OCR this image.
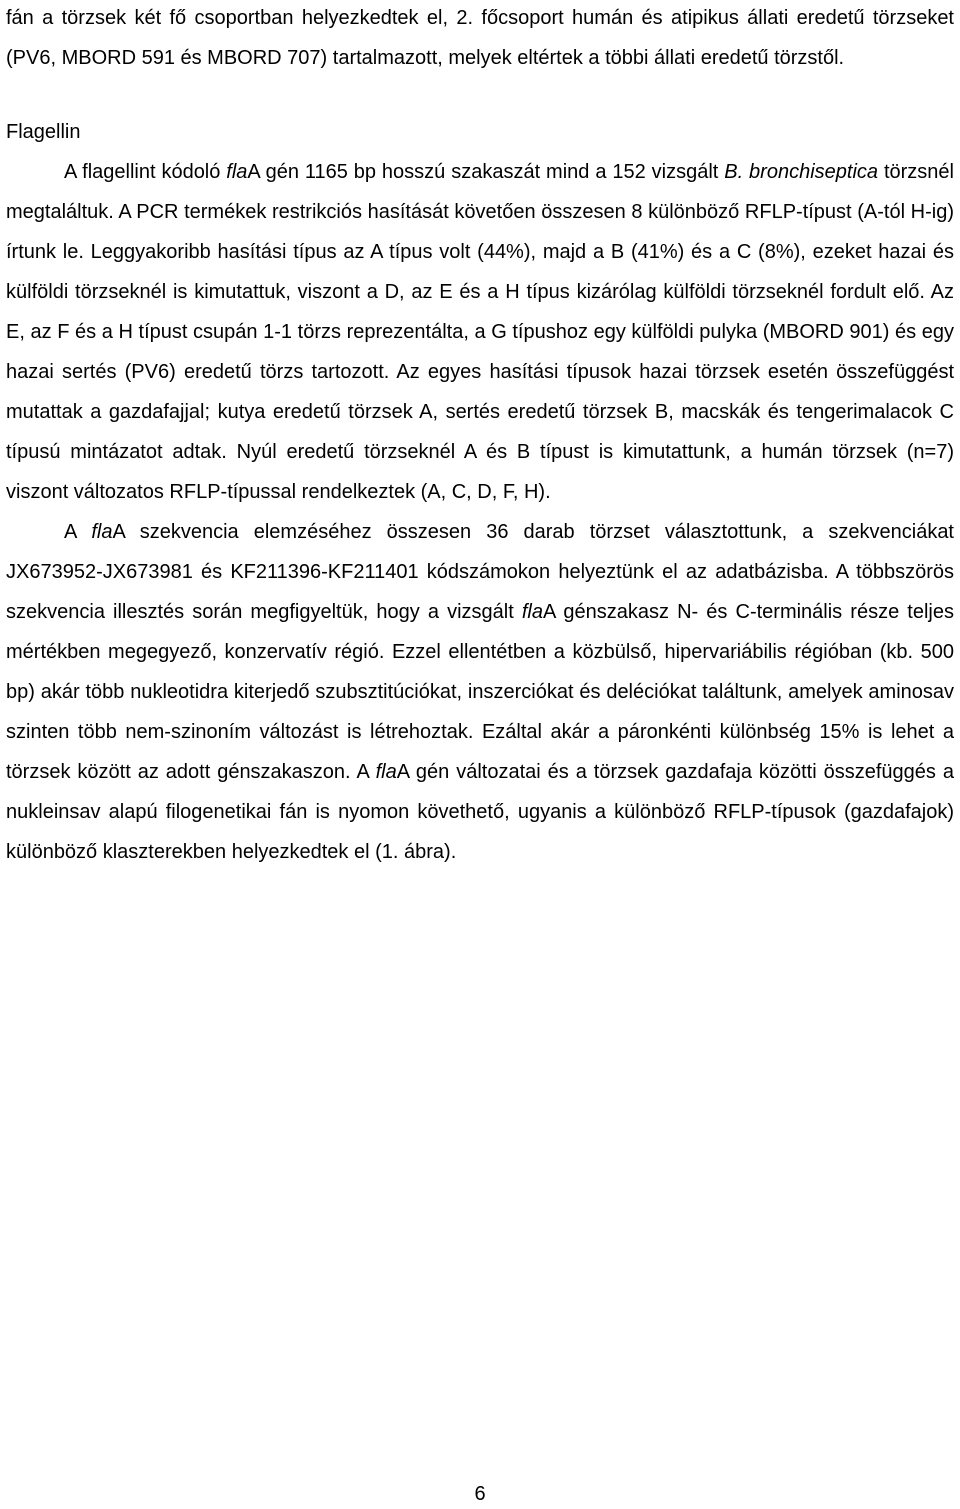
fán a törzsek két fő csoportban helyezkedtek el, 2. főcsoport humán és atipikus állati eredetű törzseket (PV6, MBORD 591 és MBORD 707) tartalmazott, melyek eltértek a többi állati eredetű törzstől.

Flagellin

A flagellint kódoló flaA gén 1165 bp hosszú szakaszát mind a 152 vizsgált B. bronchiseptica törzsnél megtaláltuk. A PCR termékek restrikciós hasítását követően összesen 8 különböző RFLP-típust (A-tól H-ig) írtunk le. Leggyakoribb hasítási típus az A típus volt (44%), majd a B (41%) és a C (8%), ezeket hazai és külföldi törzseknél is kimutattuk, viszont a D, az E és a H típus kizárólag külföldi törzseknél fordult elő. Az E, az F és a H típust csupán 1-1 törzs reprezentálta, a G típushoz egy külföldi pulyka (MBORD 901) és egy hazai sertés (PV6) eredetű törzs tartozott. Az egyes hasítási típusok hazai törzsek esetén összefüggést mutattak a gazdafajjal; kutya eredetű törzsek A, sertés eredetű törzsek B, macskák és tengerimalacok C típusú mintázatot adtak. Nyúl eredetű törzseknél A és B típust is kimutattunk, a humán törzsek (n=7) viszont változatos RFLP-típussal rendelkeztek (A, C, D, F, H).

A flaA szekvencia elemzéséhez összesen 36 darab törzset választottunk, a szekvenciákat JX673952-JX673981 és KF211396-KF211401 kódszámokon helyeztünk el az adatbázisba. A többszörös szekvencia illesztés során megfigyeltük, hogy a vizsgált flaA génszakasz N- és C-terminális része teljes mértékben megegyező, konzervatív régió. Ezzel ellentétben a közbülső, hipervariábilis régióban (kb. 500 bp) akár több nukleotidra kiterjedő szubsztitúciókat, inszerciókat és deléciókat találtunk, amelyek aminosav szinten több nem-szinoním változást is létrehoztak. Ezáltal akár a páronkénti különbség 15% is lehet a törzsek között az adott génszakaszon. A flaA gén változatai és a törzsek gazdafaja közötti összefüggés a nukleinsav alapú filogenetikai fán is nyomon követhető, ugyanis a különböző RFLP-típusok (gazdafajok) különböző klaszterekben helyezkedtek el (1. ábra).

6
